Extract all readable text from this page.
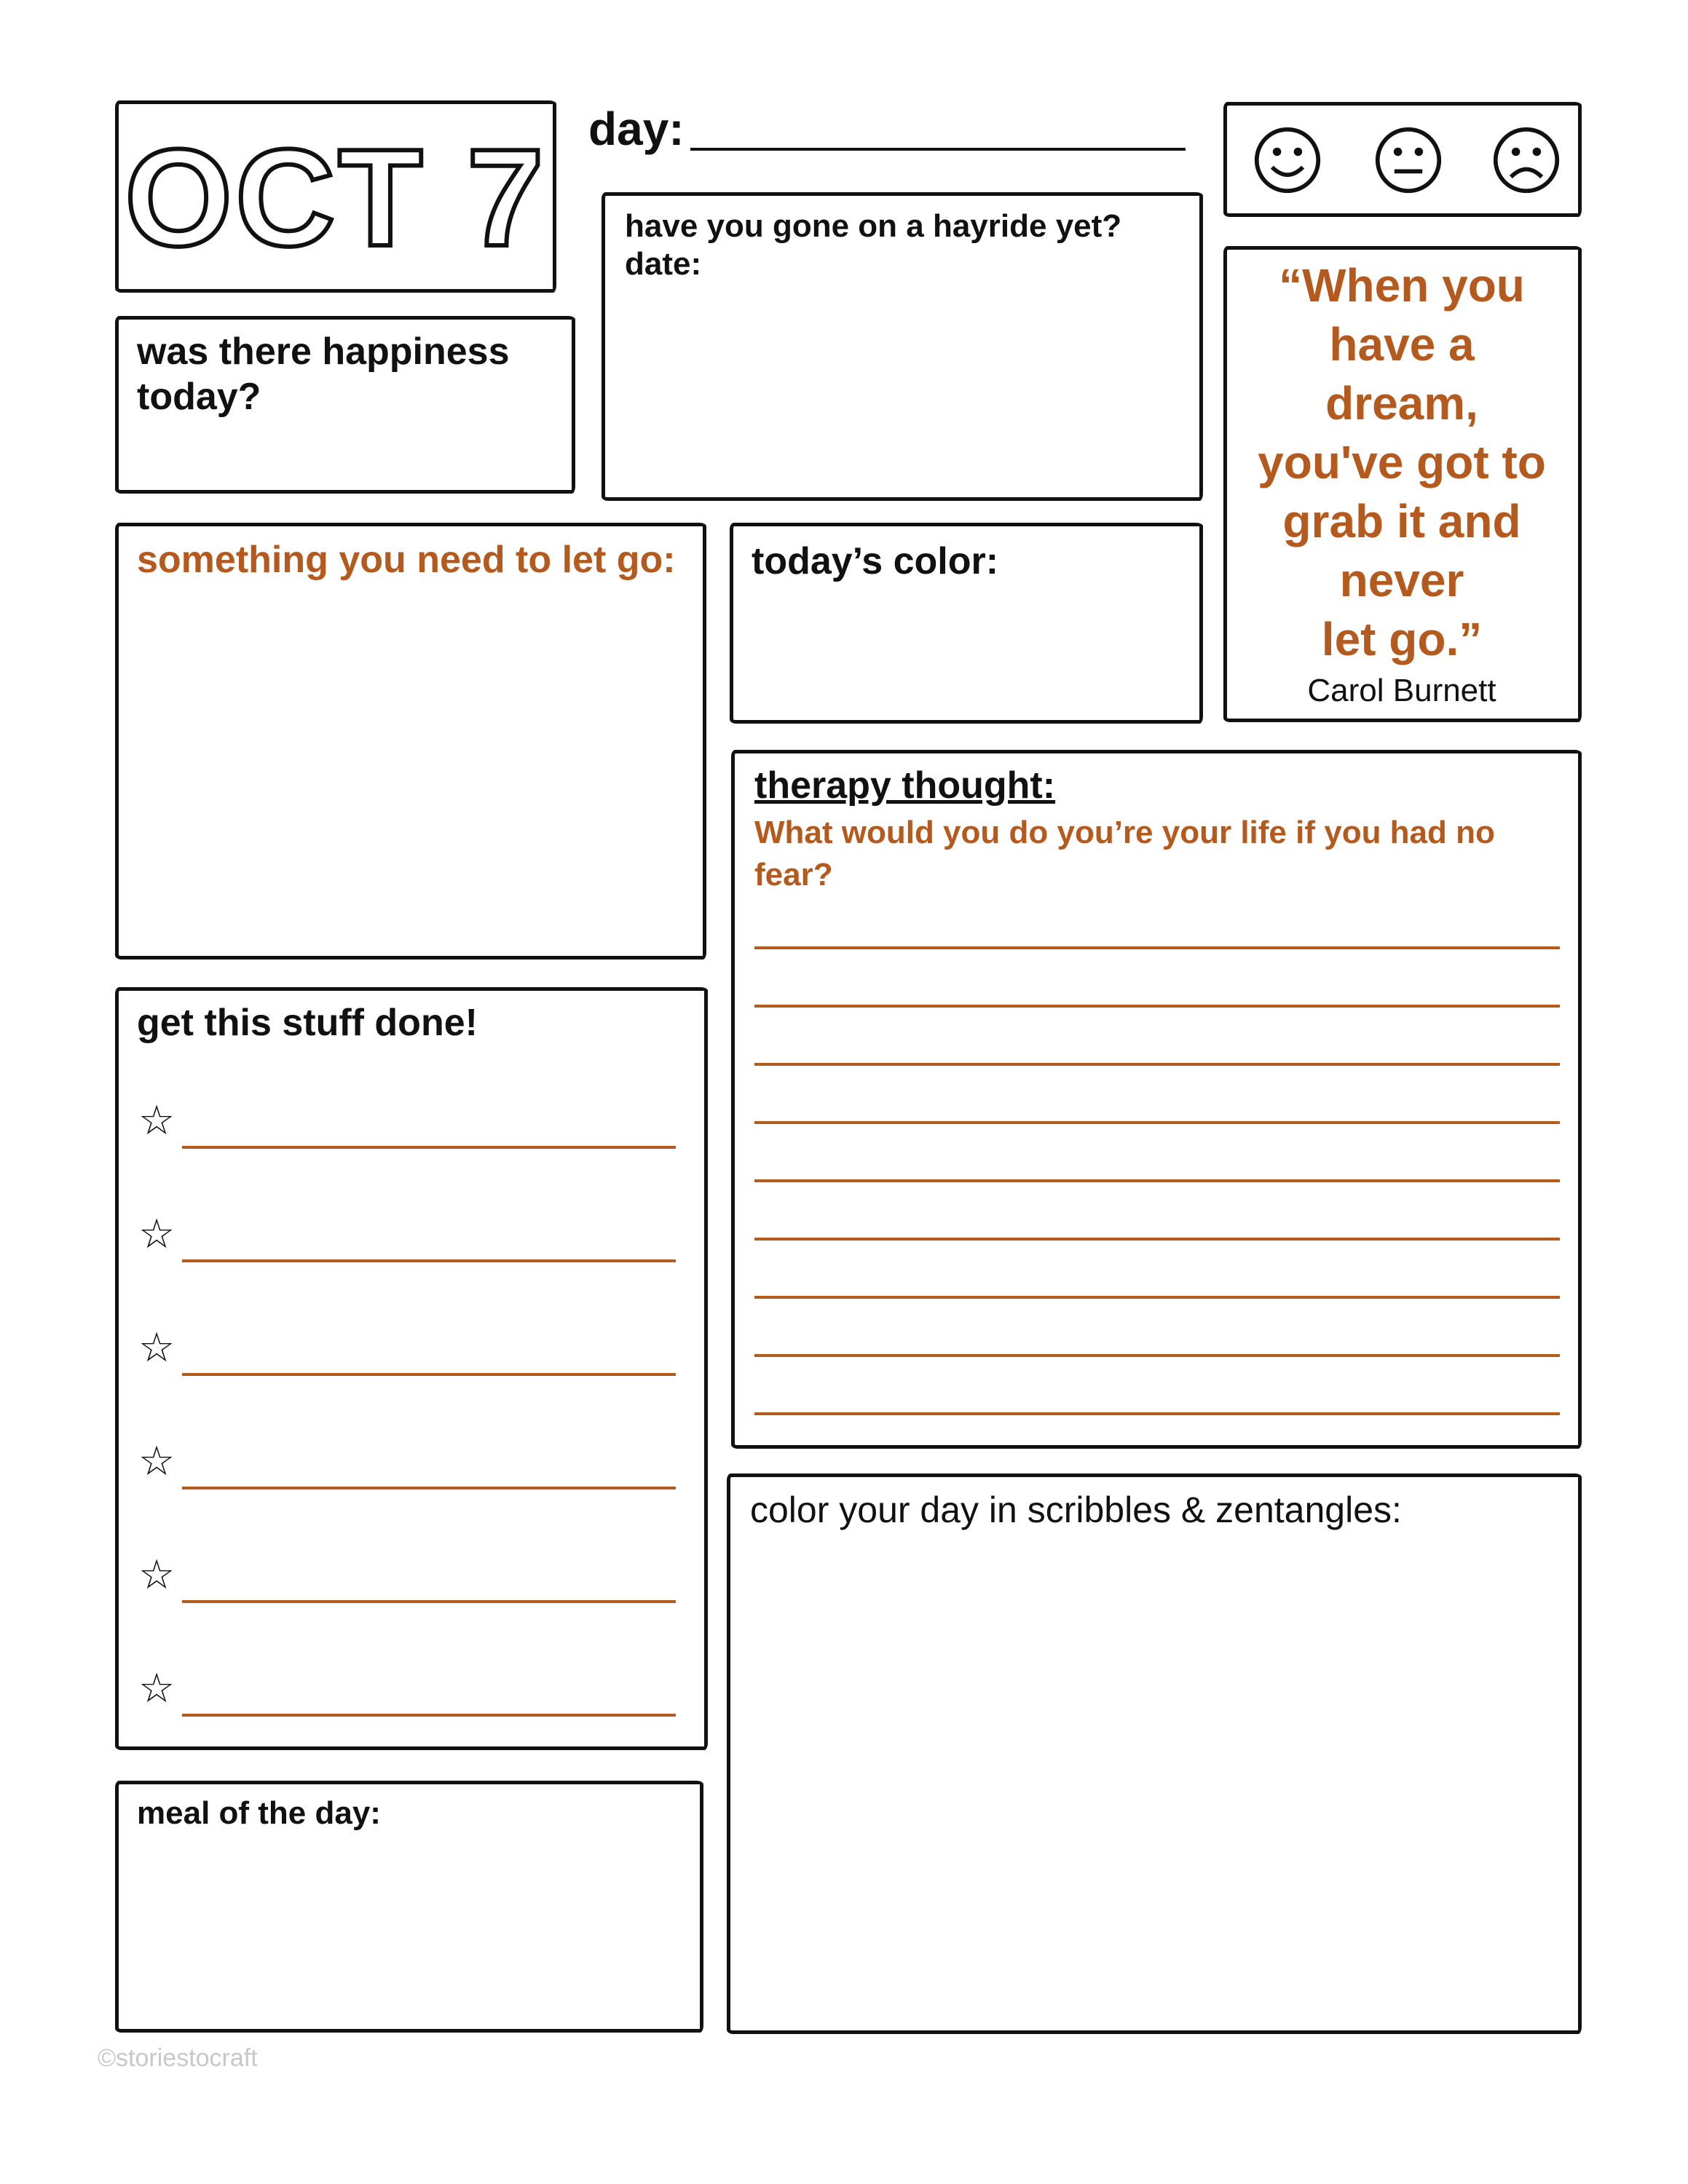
OCT 7 day:
have you gone on a hayride yet?
date:
was there happiness
today?
“When you
have a
dream,
you've got to
grab it and
never
let go.”
Carol Burnett
something you need to let go: today’s color:
therapy thought:
What would you do you’re your life if you had no
fear?
get this stuff done!
☆
☆
☆
☆
☆
☆
meal of the day:
color your day in scribbles & zentangles:
©storiestocraft
